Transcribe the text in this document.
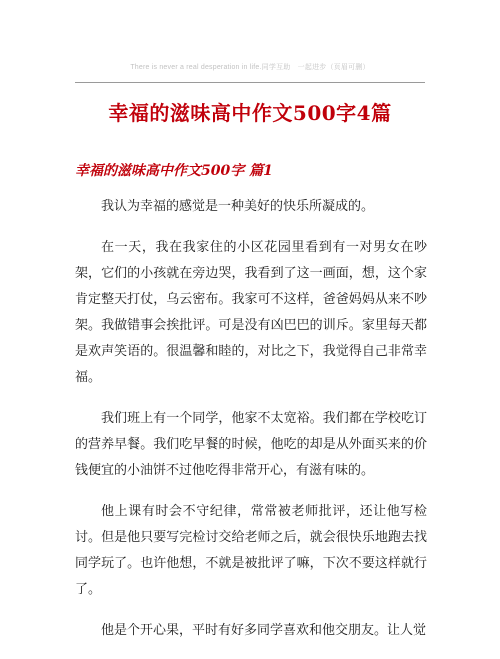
There is never a real desperation in life.同学互助　一起进步（页眉可删）
幸福的滋味高中作文500字4篇
幸福的滋味高中作文500字 篇1

我认为幸福的感觉是一种美好的快乐所凝成的。

在一天，我在我家住的小区花园里看到有一对男女在吵架，它们的小孩就在旁边哭，我看到了这一画面，想，这个家肯定整天打仗，乌云密布。我家可不这样，爸爸妈妈从来不吵架。我做错事会挨批评。可是没有凶巴巴的训斥。家里每天都是欢声笑语的。很温馨和睦的，对比之下，我觉得自己非常幸福。

我们班上有一个同学，他家不太宽裕。我们都在学校吃订的营养早餐。我们吃早餐的时候，他吃的却是从外面买来的价钱便宜的小油饼不过他吃得非常开心，有滋有味的。

他上课有时会不守纪律，常常被老师批评，还让他写检讨。但是他只要写完检讨交给老师之后，就会很快乐地跑去找同学玩了。也许他想，不就是被批评了嘛，下次不要这样就行了。

他是个开心果，平时有好多同学喜欢和他交朋友。让人觉
